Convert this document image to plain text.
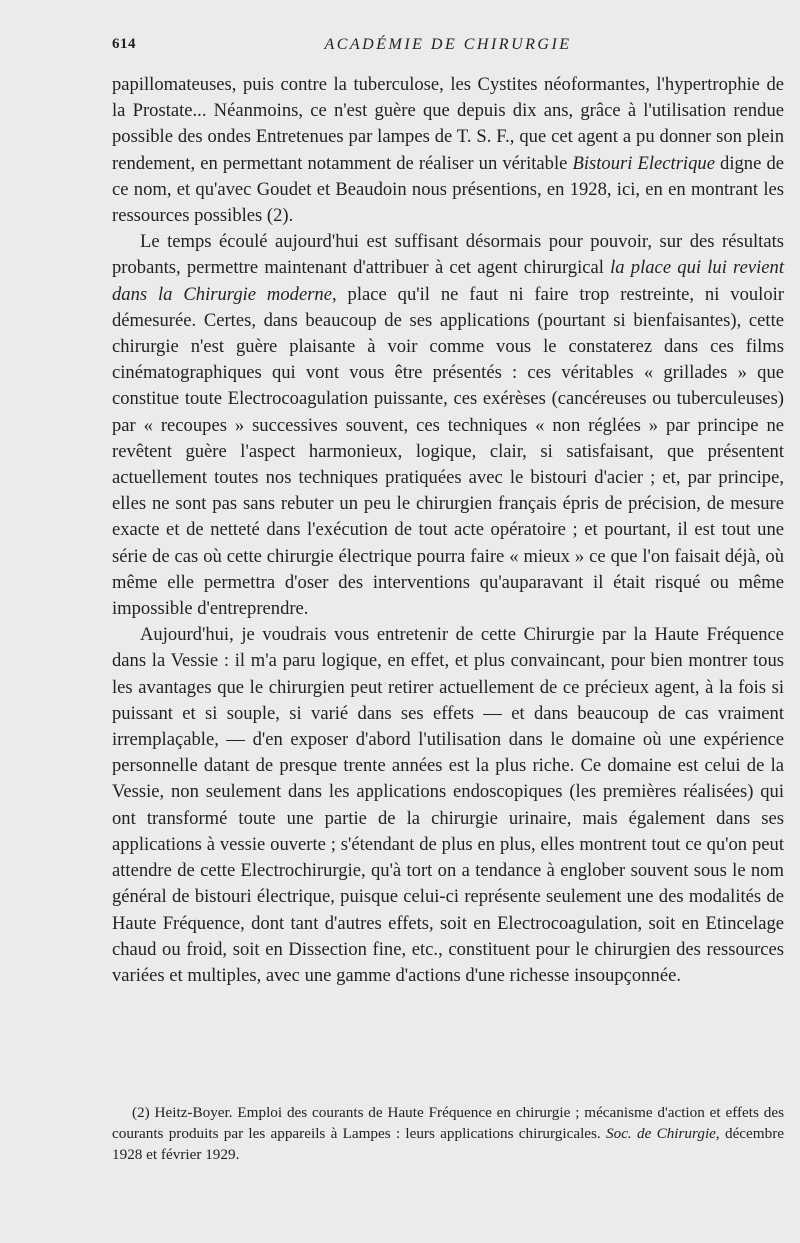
614	ACADÉMIE DE CHIRURGIE

papillomateuses, puis contre la tuberculose, les Cystites néoformantes, l'hypertrophie de la Prostate... Néanmoins, ce n'est guère que depuis dix ans, grâce à l'utilisation rendue possible des ondes Entretenues par lampes de T. S. F., que cet agent a pu donner son plein rendement, en permettant notamment de réaliser un véritable Bistouri Electrique digne de ce nom, et qu'avec Goudet et Beaudoin nous présentions, en 1928, ici, en en montrant les ressources possibles (2).

Le temps écoulé aujourd'hui est suffisant désormais pour pouvoir, sur des résultats probants, permettre maintenant d'attribuer à cet agent chirurgical la place qui lui revient dans la Chirurgie moderne, place qu'il ne faut ni faire trop restreinte, ni vouloir démesurée. Certes, dans beaucoup de ses applications (pourtant si bienfaisantes), cette chirurgie n'est guère plaisante à voir comme vous le constaterez dans ces films cinématographiques qui vont vous être présentés : ces véritables « grillades » que constitue toute Electrocoagulation puissante, ces exérèses (cancéreuses ou tuberculeuses) par « recoupes » successives souvent, ces techniques « non réglées » par principe ne revêtent guère l'aspect harmonieux, logique, clair, si satisfaisant, que présentent actuellement toutes nos techniques pratiquées avec le bistouri d'acier ; et, par principe, elles ne sont pas sans rebuter un peu le chirurgien français épris de précision, de mesure exacte et de netteté dans l'exécution de tout acte opératoire ; et pourtant, il est tout une série de cas où cette chirurgie électrique pourra faire « mieux » ce que l'on faisait déjà, où même elle permettra d'oser des interventions qu'auparavant il était risqué ou même impossible d'entreprendre.

Aujourd'hui, je voudrais vous entretenir de cette Chirurgie par la Haute Fréquence dans la Vessie : il m'a paru logique, en effet, et plus convaincant, pour bien montrer tous les avantages que le chirurgien peut retirer actuellement de ce précieux agent, à la fois si puissant et si souple, si varié dans ses effets — et dans beaucoup de cas vraiment irremplaçable, — d'en exposer d'abord l'utilisation dans le domaine où une expérience personnelle datant de presque trente années est la plus riche. Ce domaine est celui de la Vessie, non seulement dans les applications endoscopiques (les premières réalisées) qui ont transformé toute une partie de la chirurgie urinaire, mais également dans ses applications à vessie ouverte ; s'étendant de plus en plus, elles montrent tout ce qu'on peut attendre de cette Electrochirurgie, qu'à tort on a tendance à englober souvent sous le nom général de bistouri électrique, puisque celui-ci représente seulement une des modalités de Haute Fréquence, dont tant d'autres effets, soit en Electrocoagulation, soit en Etincelage chaud ou froid, soit en Dissection fine, etc., constituent pour le chirurgien des ressources variées et multiples, avec une gamme d'actions d'une richesse insoupçonnée.

(2) Heitz-Boyer. Emploi des courants de Haute Fréquence en chirurgie ; mécanisme d'action et effets des courants produits par les appareils à Lampes : leurs applications chirurgicales. Soc. de Chirurgie, décembre 1928 et février 1929.
